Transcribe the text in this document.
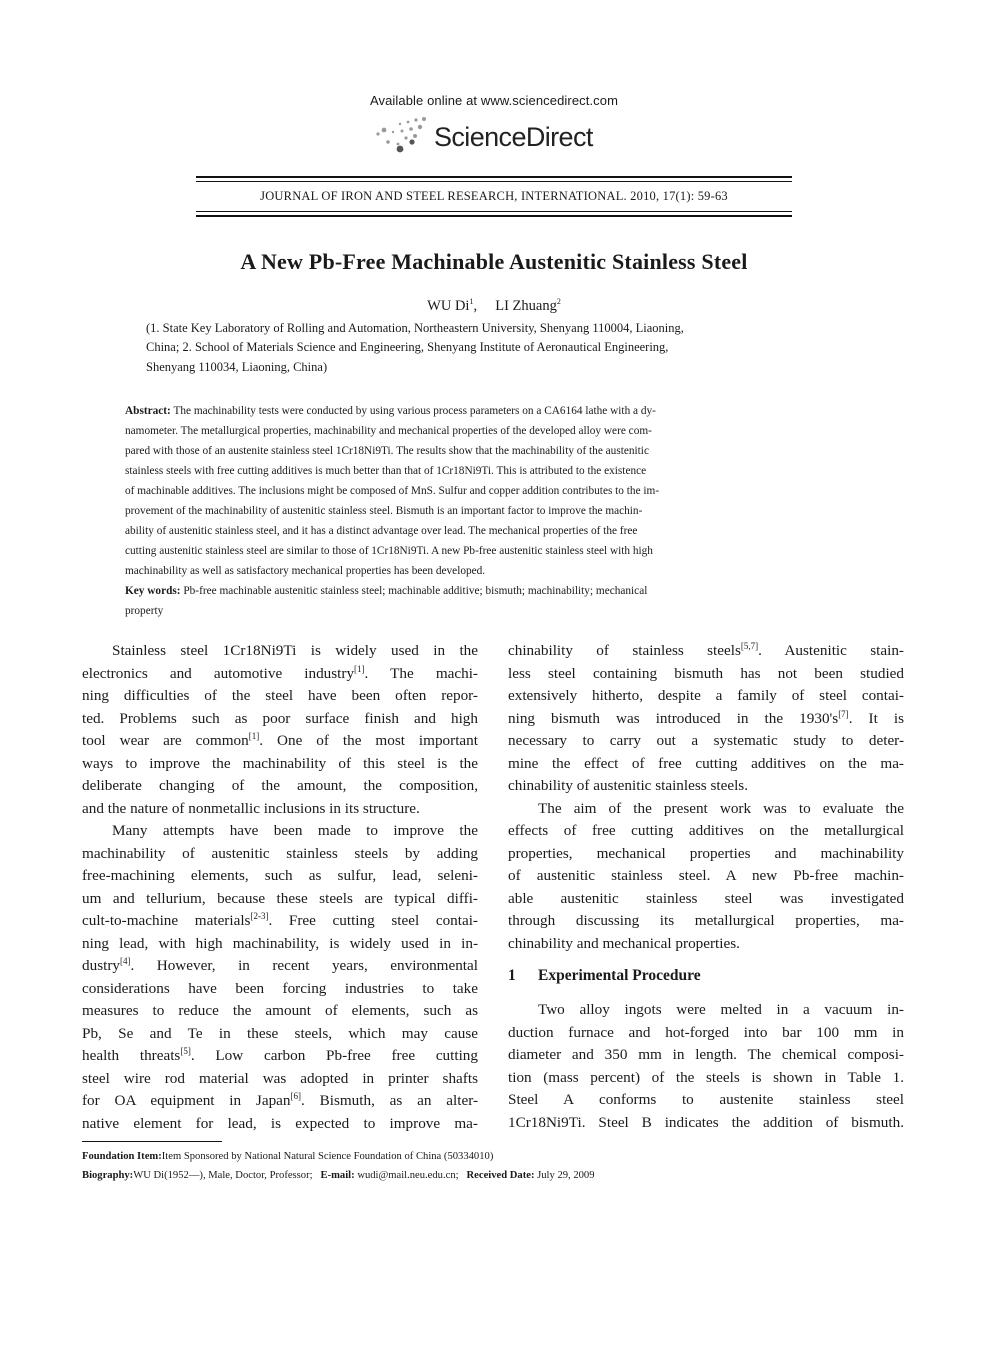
Available online at www.sciencedirect.com
ScienceDirect
JOURNAL OF IRON AND STEEL RESEARCH, INTERNATIONAL. 2010, 17(1): 59-63
A New Pb-Free Machinable Austenitic Stainless Steel
WU Di$^1$, LI Zhuang$^2$
(1. State Key Laboratory of Rolling and Automation, Northeastern University, Shenyang 110004, Liaoning,
China; 2. School of Materials Science and Engineering, Shenyang Institute of Aeronautical Engineering,
Shenyang 110034, Liaoning, China)
Abstract: The machinability tests were conducted by using various process parameters on a CA6164 lathe with a dy-
namometer. The metallurgical properties, machinability and mechanical properties of the developed alloy were com-
pared with those of an austenite stainless steel 1Cr18Ni9Ti. The results show that the machinability of the austenitic
stainless steels with free cutting additives is much better than that of 1Cr18Ni9Ti. This is attributed to the existence
of machinable additives. The inclusions might be composed of MnS. Sulfur and copper addition contributes to the im-
provement of the machinability of austenitic stainless steel. Bismuth is an important factor to improve the machin-
ability of austenitic stainless steel, and it has a distinct advantage over lead. The mechanical properties of the free
cutting austenitic stainless steel are similar to those of 1Cr18Ni9Ti. A new Pb-free austenitic stainless steel with high
machinability as well as satisfactory mechanical properties has been developed.
Key words: Pb-free machinable austenitic stainless steel; machinable additive; bismuth; machinability; mechanical
property
Stainless steel 1Cr18Ni9Ti is widely used in the
electronics and automotive industry[1]. The machi-
ning difficulties of the steel have been often repor-
ted. Problems such as poor surface finish and high
tool wear are common[1]. One of the most important
ways to improve the machinability of this steel is the
deliberate changing of the amount, the composition,
and the nature of nonmetallic inclusions in its structure.
Many attempts have been made to improve the
machinability of austenitic stainless steels by adding
free-machining elements, such as sulfur, lead, seleni-
um and tellurium, because these steels are typical diffi-
cult-to-machine materials[2-3]. Free cutting steel contai-
ning lead, with high machinability, is widely used in in-
dustry[4]. However, in recent years, environmental
considerations have been forcing industries to take
measures to reduce the amount of elements, such as
Pb, Se and Te in these steels, which may cause
health threats[5]. Low carbon Pb-free free cutting
steel wire rod material was adopted in printer shafts
for OA equipment in Japan[6]. Bismuth, as an alter-
native element for lead, is expected to improve ma-
chinability of stainless steels[5,7]. Austenitic stain-
less steel containing bismuth has not been studied
extensively hitherto, despite a family of steel contai-
ning bismuth was introduced in the 1930's[7]. It is
necessary to carry out a systematic study to deter-
mine the effect of free cutting additives on the ma-
chinability of austenitic stainless steels.
The aim of the present work was to evaluate the
effects of free cutting additives on the metallurgical
properties, mechanical properties and machinability
of austenitic stainless steel. A new Pb-free machin-
able austenitic stainless steel was investigated
through discussing its metallurgical properties, ma-
chinability and mechanical properties.
1 Experimental Procedure
Two alloy ingots were melted in a vacuum in-
duction furnace and hot-forged into bar 100 mm in
diameter and 350 mm in length. The chemical composi-
tion (mass percent) of the steels is shown in Table 1.
Steel A conforms to austenite stainless steel
1Cr18Ni9Ti. Steel B indicates the addition of bismuth.
Foundation Item:Item Sponsored by National Natural Science Foundation of China (50334010)
Biography:WU Di(1952—), Male, Doctor, Professor; E-mail: wudi@mail.neu.edu.cn; Received Date: July 29, 2009
